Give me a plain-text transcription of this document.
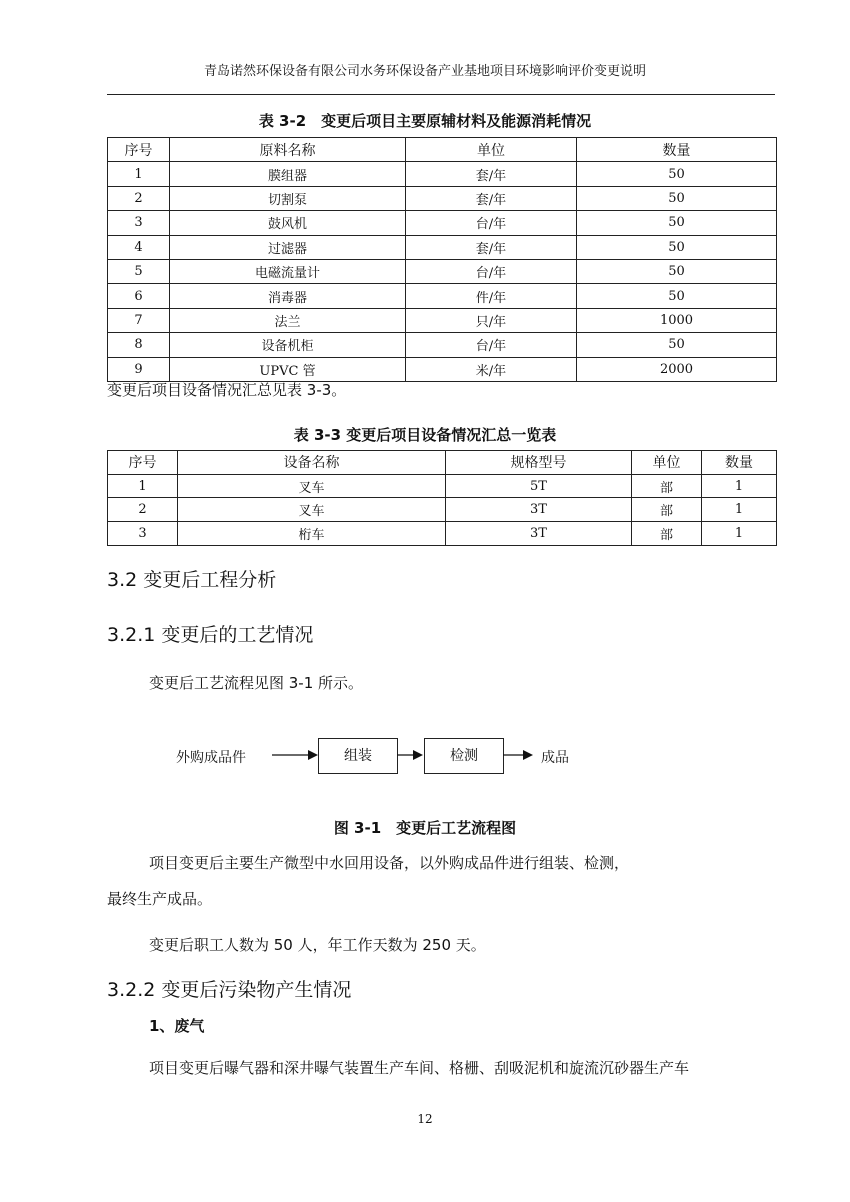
青岛诺然环保设备有限公司水务环保设备产业基地项目环境影响评价变更说明
表 3-2　变更后项目主要原辅材料及能源消耗情况
序号	原料名称	单位	数量
1	膜组器	套/年	50
2	切割泵	套/年	50
3	鼓风机	台/年	50
4	过滤器	套/年	50
5	电磁流量计	台/年	50
6	消毒器	件/年	50
7	法兰	只/年	1000
8	设备机柜	台/年	50
9	UPVC 管	米/年	2000
变更后项目设备情况汇总见表 3-3。
表 3-3 变更后项目设备情况汇总一览表
序号	设备名称	规格型号	单位	数量
1	叉车	5T	部	1
2	叉车	3T	部	1
3	桁车	3T	部	1
3.2 变更后工程分析
3.2.1 变更后的工艺情况
变更后工艺流程见图 3-1 所示。
外购成品件	组装	检测	成品
图 3-1　变更后工艺流程图
项目变更后主要生产微型中水回用设备，以外购成品件进行组装、检测，
最终生产成品。
变更后职工人数为 50 人，年工作天数为 250 天。
3.2.2 变更后污染物产生情况
1、废气
项目变更后曝气器和深井曝气装置生产车间、格栅、刮吸泥机和旋流沉砂器生产车
12
